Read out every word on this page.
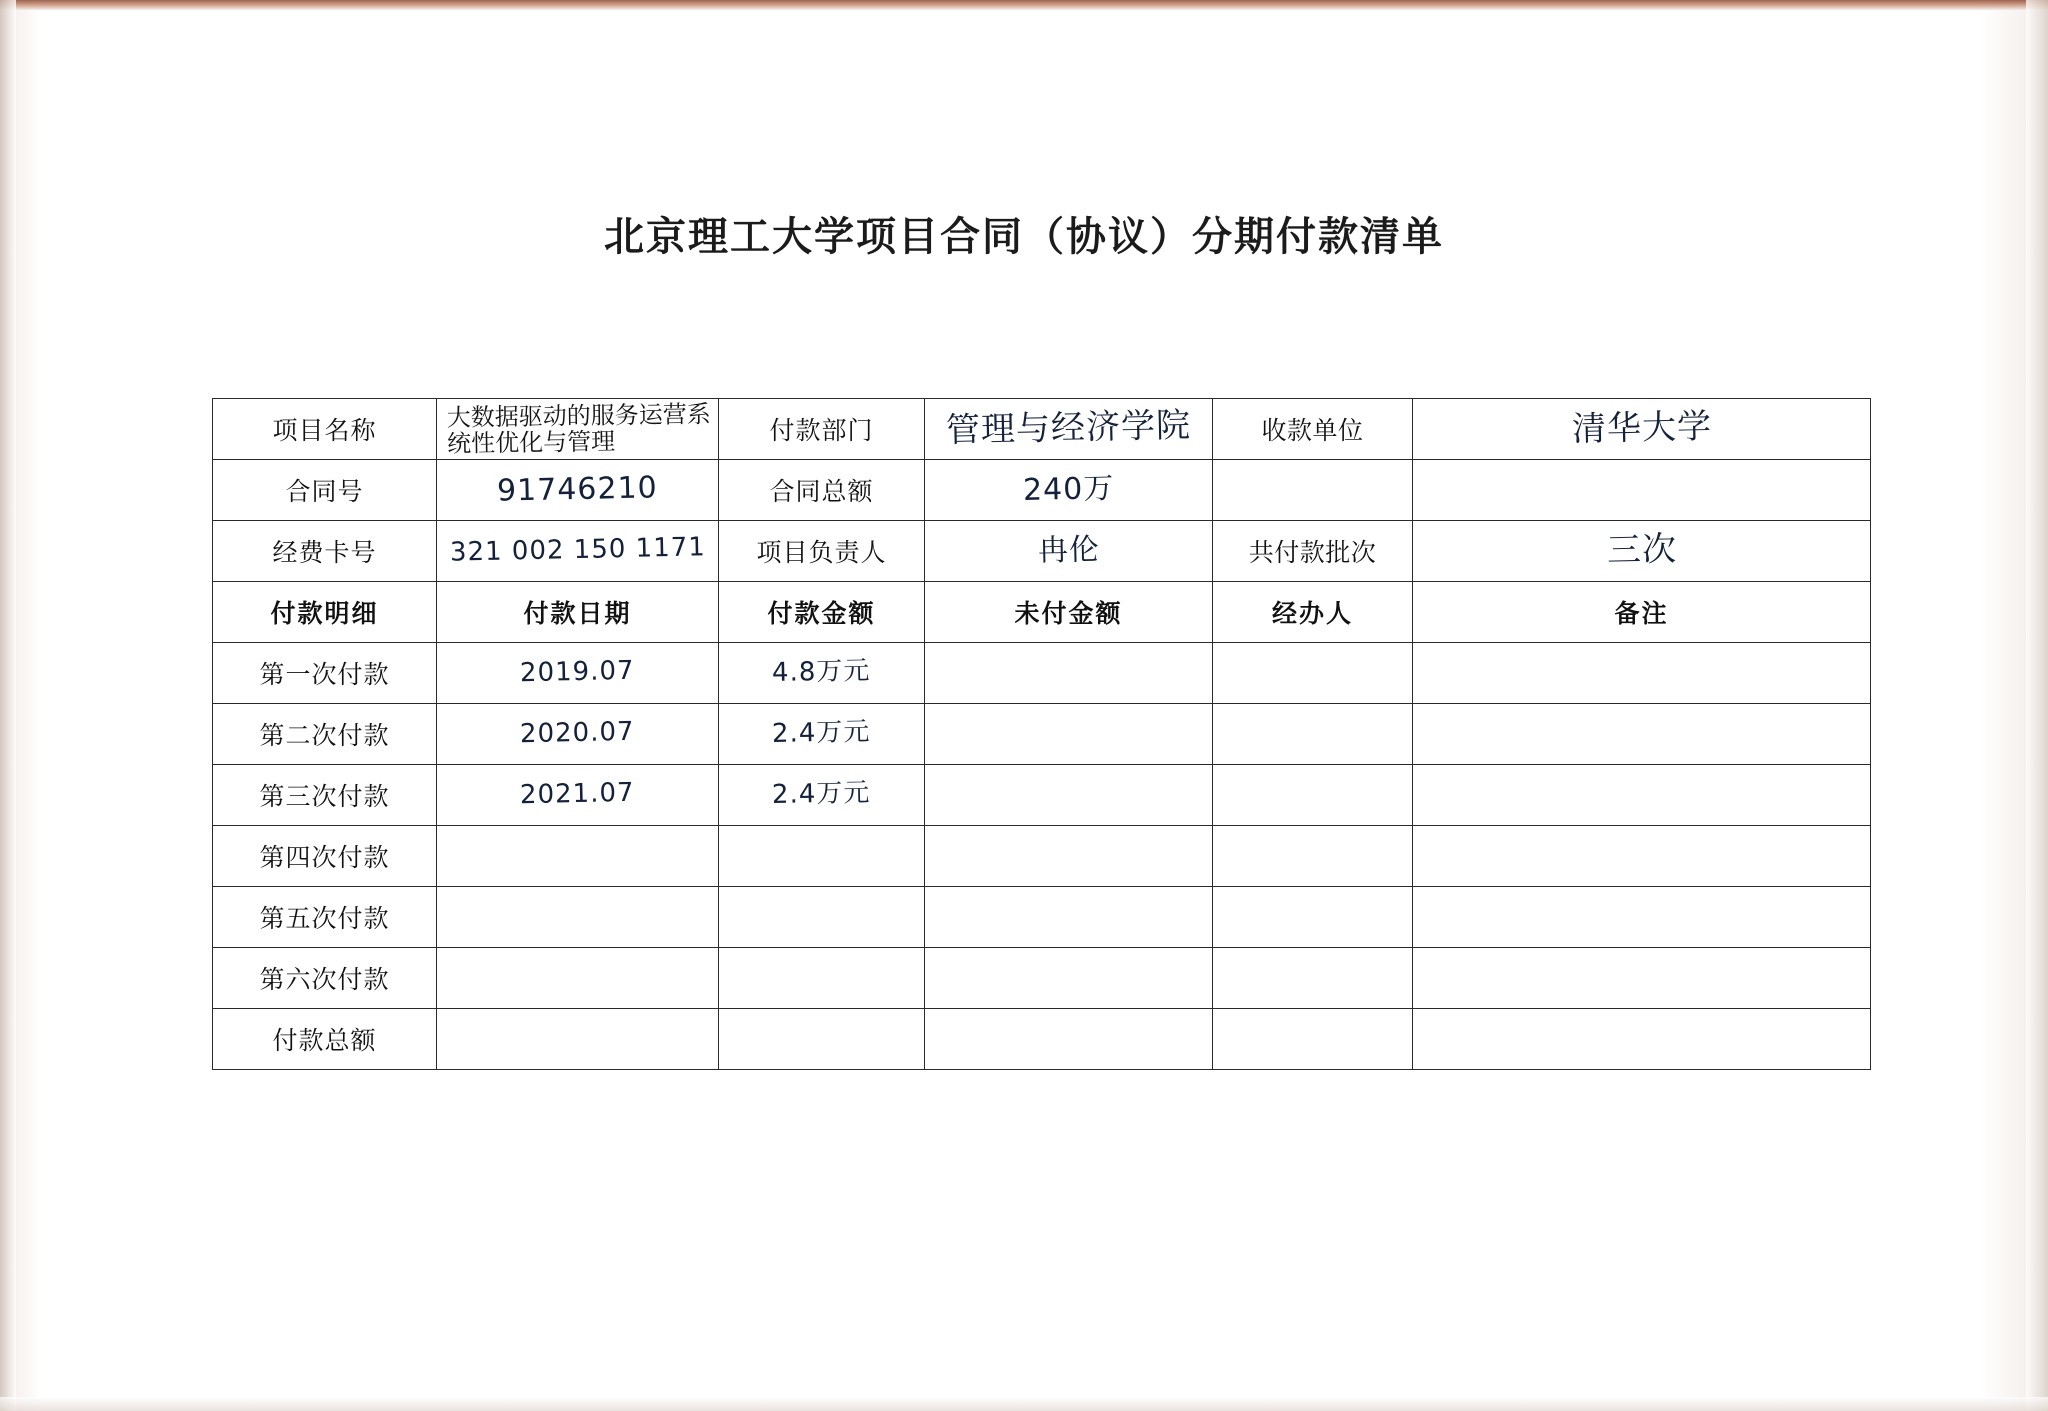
北京理工大学项目合同（协议）分期付款清单
项目名称	大数据驱动的服务运营系统性优化与管理	付款部门	管理与经济学院	收款单位	清华大学
合同号	91746210	合同总额	240万		
经费卡号	321 002 150 1171	项目负责人	冉伦	共付款批次	三次
付款明细	付款日期	付款金额	未付金额	经办人	备注
第一次付款	2019.07	4.8万元			
第二次付款	2020.07	2.4万元			
第三次付款	2021.07	2.4万元			
第四次付款					
第五次付款					
第六次付款					
付款总额					
